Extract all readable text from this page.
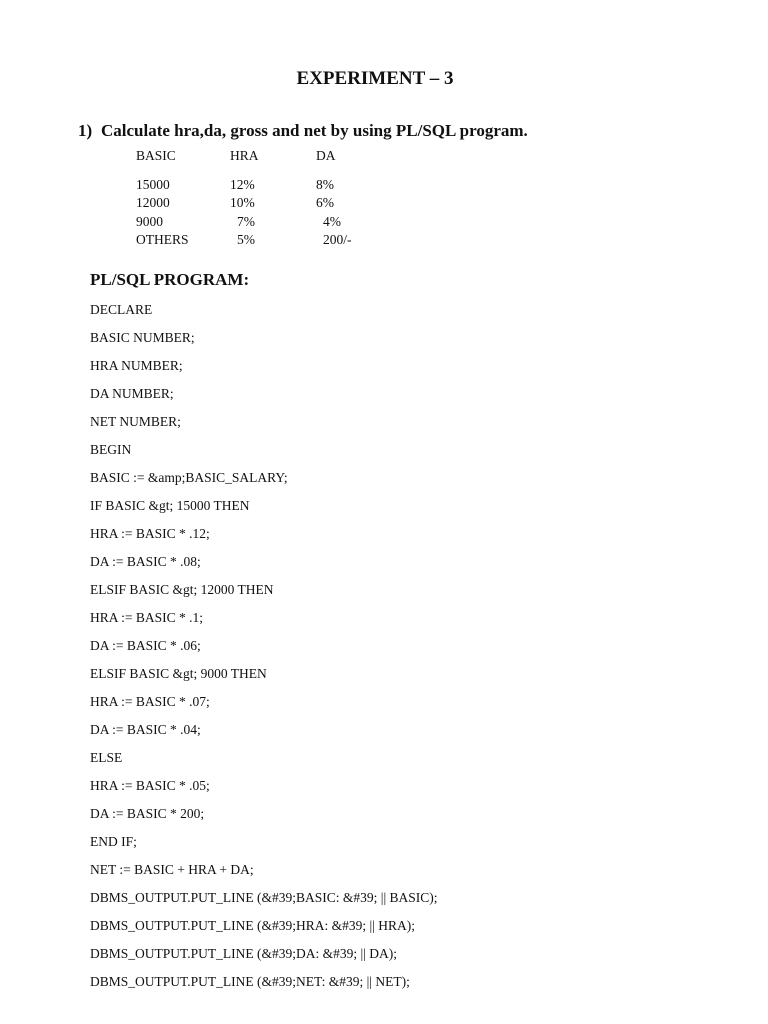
EXPERIMENT – 3

1) Calculate hra,da, gross and net by using PL/SQL program.

BASIC	HRA	DA
15000	12%	8%
12000	10%	6%
9000	7%	4%
OTHERS	5%	200/-
PL/SQL PROGRAM:
DECLARE
BASIC NUMBER;
HRA NUMBER;
DA NUMBER;
NET NUMBER;
BEGIN
BASIC := &amp;BASIC_SALARY;
IF BASIC &gt; 15000 THEN
HRA := BASIC * .12;
DA := BASIC * .08;
ELSIF BASIC &gt; 12000 THEN
HRA := BASIC * .1;
DA := BASIC * .06;
ELSIF BASIC &gt; 9000 THEN
HRA := BASIC * .07;
DA := BASIC * .04;
ELSE
HRA := BASIC * .05;
DA := BASIC * 200;
END IF;
NET := BASIC + HRA + DA;
DBMS_OUTPUT.PUT_LINE (&#39;BASIC: &#39; || BASIC);
DBMS_OUTPUT.PUT_LINE (&#39;HRA: &#39; || HRA);
DBMS_OUTPUT.PUT_LINE (&#39;DA: &#39; || DA);
DBMS_OUTPUT.PUT_LINE (&#39;NET: &#39; || NET);
